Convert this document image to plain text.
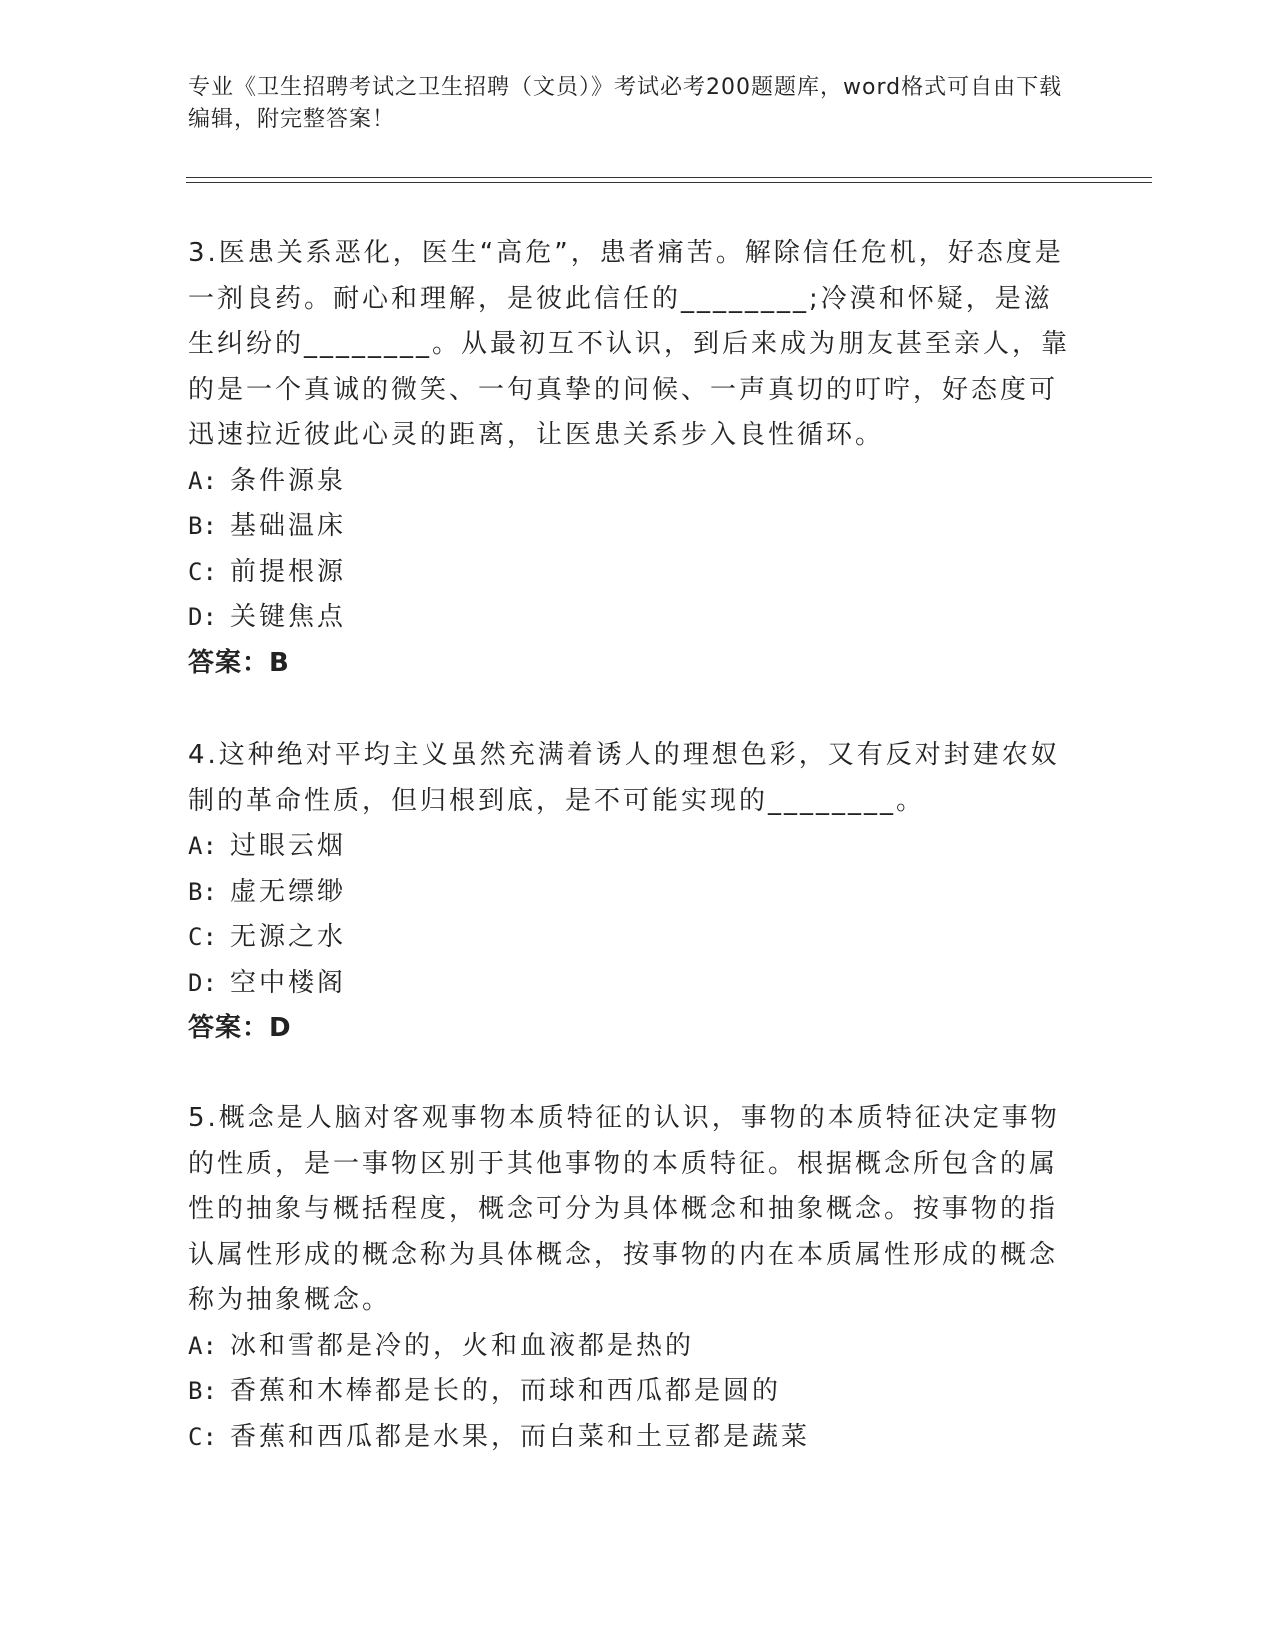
专业《卫生招聘考试之卫生招聘（文员）》考试必考200题题库，word格式可自由下载编辑，附完整答案！

3.医患关系恶化，医生“高危”，患者痛苦。解除信任危机，好态度是一剂良药。耐心和理解，是彼此信任的________;冷漠和怀疑，是滋生纠纷的________。从最初互不认识，到后来成为朋友甚至亲人，靠的是一个真诚的微笑、一句真挚的问候、一声真切的叮咛，好态度可迅速拉近彼此心灵的距离，让医患关系步入良性循环。

A: 条件源泉

B: 基础温床

C: 前提根源

D: 关键焦点

答案：B

4.这种绝对平均主义虽然充满着诱人的理想色彩，又有反对封建农奴制的革命性质，但归根到底，是不可能实现的________。

A: 过眼云烟

B: 虚无缥缈

C: 无源之水

D: 空中楼阁

答案：D

5.概念是人脑对客观事物本质特征的认识，事物的本质特征决定事物的性质，是一事物区别于其他事物的本质特征。根据概念所包含的属性的抽象与概括程度，概念可分为具体概念和抽象概念。按事物的指认属性形成的概念称为具体概念，按事物的内在本质属性形成的概念称为抽象概念。

A: 冰和雪都是冷的，火和血液都是热的

B: 香蕉和木棒都是长的，而球和西瓜都是圆的

C: 香蕉和西瓜都是水果，而白菜和土豆都是蔬菜
